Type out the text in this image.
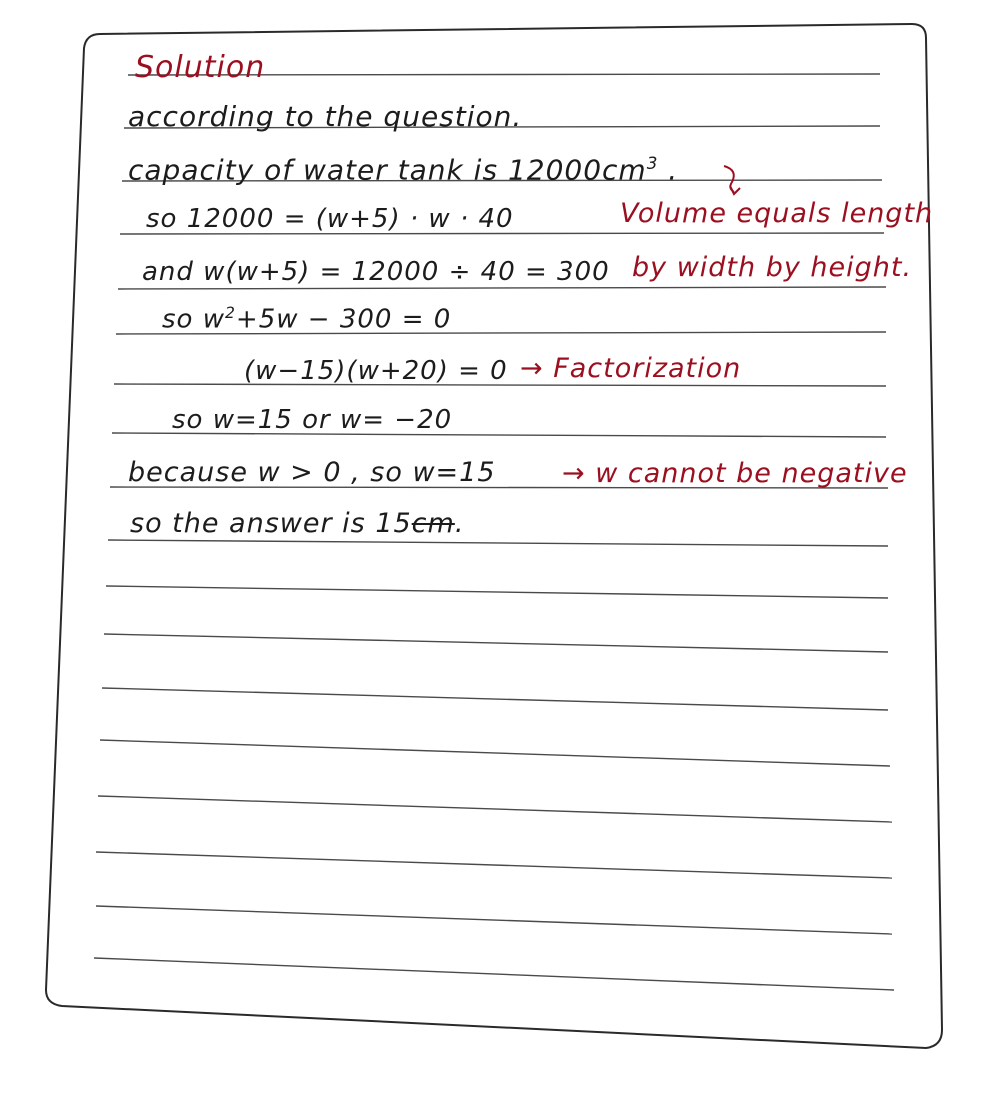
Solution
according to the question.
capacity of water tank is $12000cm^3$ .
so 12000 = (w+5) · w · 40
and w(w+5) = 12000 ÷ 40 = 300
so $w^2+5w - 300 = 0$
(w−15)(w+20) = 0
so w=15 or w= −20
because w > 0 , so w=15
so the answer is 15cm.
Volume equals length
by width by height.
→ Factorization
→ w cannot be negative
